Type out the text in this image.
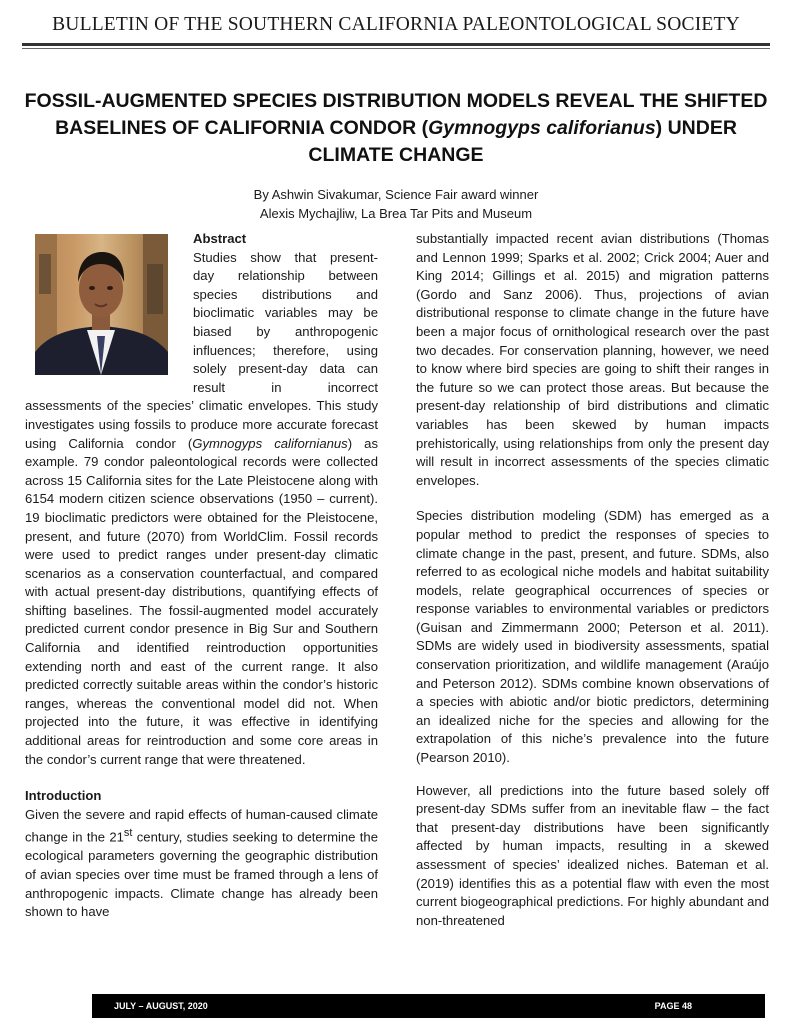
BULLETIN OF THE SOUTHERN CALIFORNIA PALEONTOLOGICAL SOCIETY
FOSSIL-AUGMENTED SPECIES DISTRIBUTION MODELS REVEAL THE SHIFTED BASELINES OF CALIFORNIA CONDOR (Gymnogyps califorianus) UNDER CLIMATE CHANGE
By Ashwin Sivakumar, Science Fair award winner
Alexis Mychajliw, La Brea Tar Pits and Museum
Abstract
Studies show that present-
day relationship between
species distributions and
bioclimatic variables may be
biased by anthropogenic
influences; therefore, using
solely present-day data can
result in incorrect
assessments of the species’ climatic envelopes. This study investigates using fossils to produce more accurate forecast using California condor (Gymnogyps californianus) as example. 79 condor paleontological records were collected across 15 California sites for the Late Pleistocene along with 6154 modern citizen science observations (1950 – current). 19 bioclimatic predictors were obtained for the Pleistocene, present, and future (2070) from WorldClim. Fossil records were used to predict ranges under present-day climatic scenarios as a conservation counterfactual, and compared with actual present-day distributions, quantifying effects of shifting baselines. The fossil-augmented model accurately predicted current condor presence in Big Sur and Southern California and identified reintroduction opportunities extending north and east of the current range. It also predicted correctly suitable areas within the condor’s historic ranges, whereas the conventional model did not. When projected into the future, it was effective in identifying additional areas for reintroduction and some core areas in the condor’s current range that were threatened.
Introduction
Given the severe and rapid effects of human-caused climate change in the 21st century, studies seeking to determine the ecological parameters governing the geographic distribution of avian species over time must be framed through a lens of anthropogenic impacts. Climate change has already been shown to have

substantially impacted recent avian distributions (Thomas and Lennon 1999; Sparks et al. 2002; Crick 2004; Auer and King 2014; Gillings et al. 2015) and migration patterns (Gordo and Sanz 2006). Thus, projections of avian distributional response to climate change in the future have been a major focus of ornithological research over the past two decades. For conservation planning, however, we need to know where bird species are going to shift their ranges in the future so we can protect those areas. But because the present-day relationship of bird distributions and climatic variables has been skewed by human impacts prehistorically, using relationships from only the present day will result in incorrect assessments of the species climatic envelopes.

Species distribution modeling (SDM) has emerged as a popular method to predict the responses of species to climate change in the past, present, and future. SDMs, also referred to as ecological niche models and habitat suitability models, relate geographical occurrences of species or response variables to environmental variables or predictors (Guisan and Zimmermann 2000; Peterson et al. 2011). SDMs are widely used in biodiversity assessments, spatial conservation prioritization, and wildlife management (Araújo and Peterson 2012). SDMs combine known observations of a species with abiotic and/or biotic predictors, determining an idealized niche for the species and allowing for the extrapolation of this niche’s prevalence into the future (Pearson 2010).

However, all predictions into the future based solely off present-day SDMs suffer from an inevitable flaw – the fact that present-day distributions have been significantly affected by human impacts, resulting in a skewed assessment of species’ idealized niches. Bateman et al. (2019) identifies this as a potential flaw with even the most current biogeographical predictions. For highly abundant and non-threatened

JULY – AUGUST, 2020	PAGE 48
